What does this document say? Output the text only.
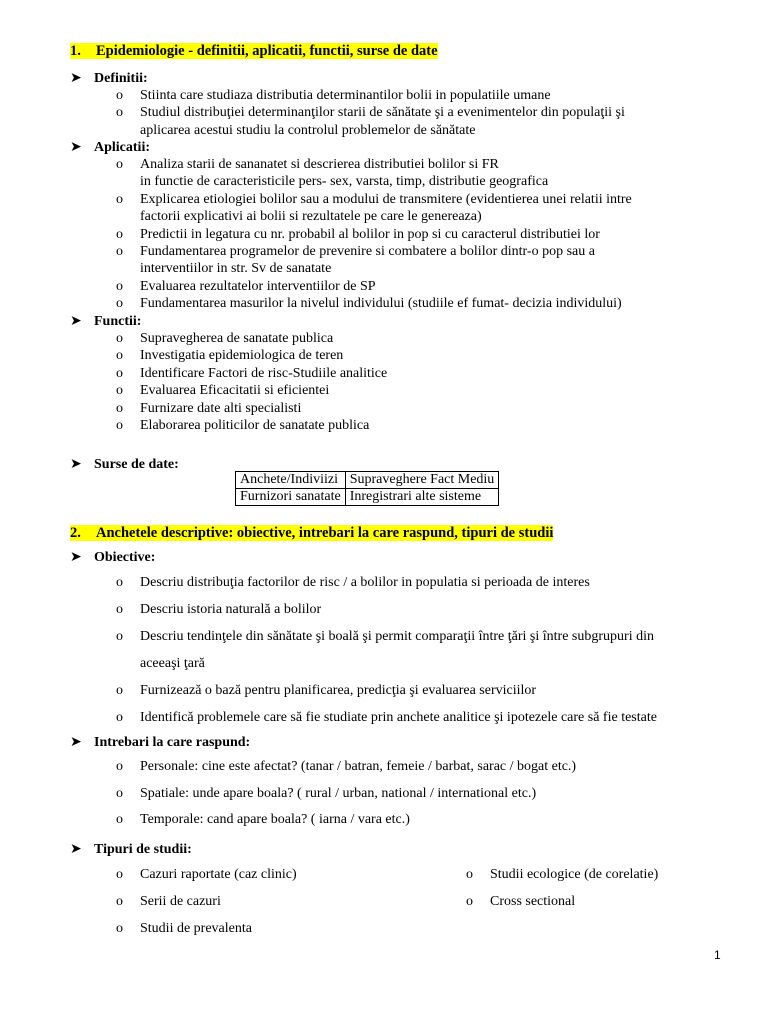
1. Epidemiologie - definitii, aplicatii, functii, surse de date
➤ Definitii:
o Stiinta care studiaza distributia determinantilor bolii in populatiile umane
o Studiul distribuţiei determinanţilor starii de sănătate şi a evenimentelor din populaţii şi
aplicarea acestui studiu la controlul problemelor de sănătate
➤ Aplicatii:
o Analiza starii de sananatet si descrierea distributiei bolilor si FR
in functie de caracteristicile pers- sex, varsta, timp, distributie geografica
o Explicarea etiologiei bolilor sau a modului de transmitere (evidentierea unei relatii intre
factorii explicativi ai bolii si rezultatele pe care le genereaza)
o Predictii in legatura cu nr. probabil al bolilor in pop si cu caracterul distributiei lor
o Fundamentarea programelor de prevenire si combatere a bolilor dintr-o pop sau a
interventiilor in str. Sv de sanatate
o Evaluarea rezultatelor interventiilor de SP
o Fundamentarea masurilor la nivelul individului (studiile ef fumat- decizia individului)
➤ Functii:
o Supravegherea de sanatate publica
o Investigatia epidemiologica de teren
o Identificare Factori de risc-Studiile analitice
o Evaluarea Eficacitatii si eficientei
o Furnizare date alti specialisti
o Elaborarea politicilor de sanatate publica
➤ Surse de date:
Anchete/Indiviizi	Supraveghere Fact Mediu
Furnizori sanatate	Inregistrari alte sisteme
2. Anchetele descriptive: obiective, intrebari la care raspund, tipuri de studii
➤ Obiective:
o Descriu distribuţia factorilor de risc / a bolilor in populatia si perioada de interes
o Descriu istoria naturală a bolilor
o Descriu tendinţele din sănătate şi boală şi permit comparaţii între ţări şi între subgrupuri din
aceeaşi ţară
o Furnizează o bază pentru planificarea, predicţia şi evaluarea serviciilor
o Identifică problemele care să fie studiate prin anchete analitice şi ipotezele care să fie testate
➤ Intrebari la care raspund:
o Personale: cine este afectat? (tanar / batran, femeie / barbat, sarac / bogat etc.)
o Spatiale: unde apare boala? ( rural / urban, national / international etc.)
o Temporale: cand apare boala? ( iarna / vara etc.)
➤ Tipuri de studii:
o Cazuri raportate (caz clinic)
o Serii de cazuri
o Studii de prevalenta
o Studii ecologice (de corelatie)
o Cross sectional
1
